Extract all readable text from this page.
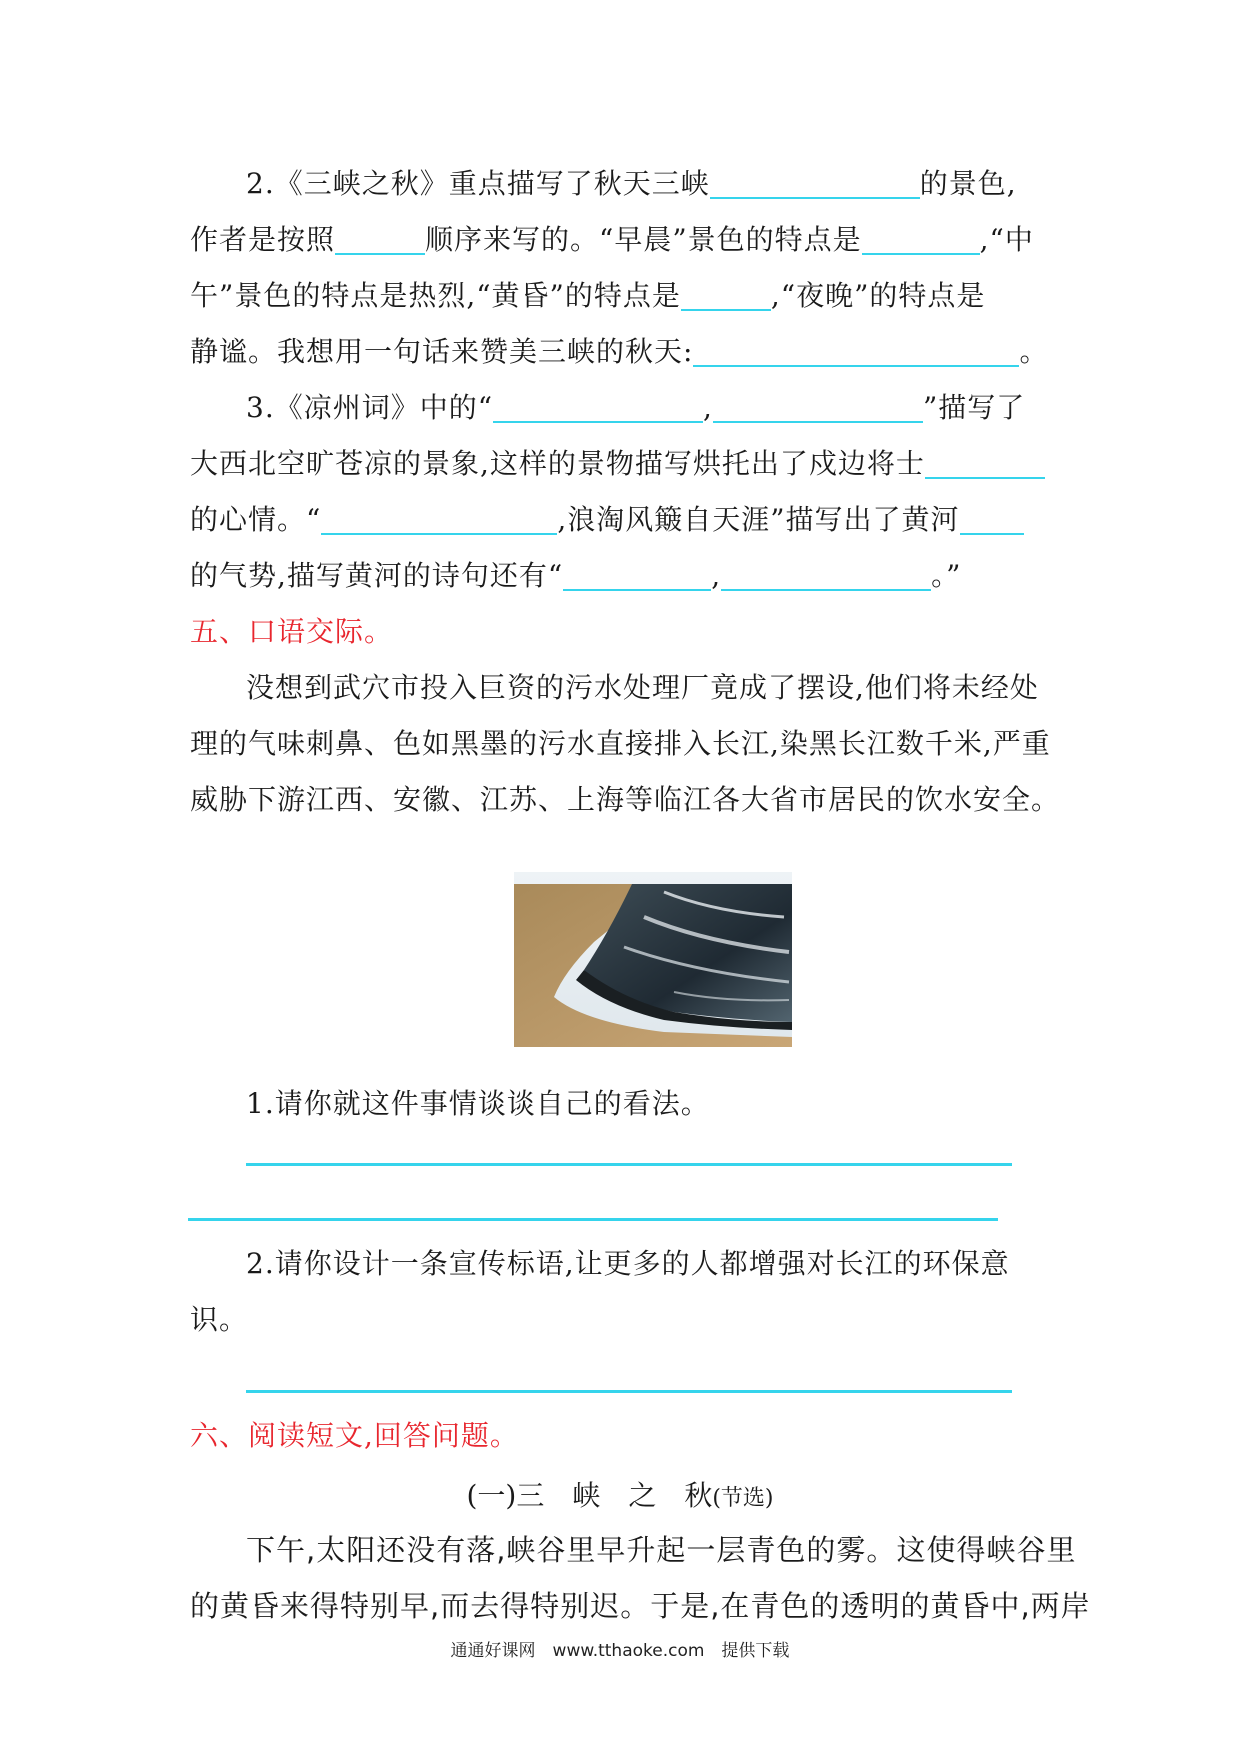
2.《三峡之秋》重点描写了秋天三峡	的景色,
作者是按照	顺序来写的。“早晨”景色的特点是	,“中
午”景色的特点是热烈,“黄昏”的特点是	,“夜晚”的特点是
静谧。我想用一句话来赞美三峡的秋天:	。
3.《凉州词》中的“	,	”描写了
大西北空旷苍凉的景象,这样的景物描写烘托出了戍边将士
的心情。“	,浪淘风簸自天涯”描写出了黄河
的气势,描写黄河的诗句还有“	,	。”
五、口语交际。
没想到武穴市投入巨资的污水处理厂竟成了摆设,他们将未经处
理的气味刺鼻、色如黑墨的污水直接排入长江,染黑长江数千米,严重
威胁下游江西、安徽、江苏、上海等临江各大省市居民的饮水安全。
1.请你就这件事情谈谈自己的看法。
2.请你设计一条宣传标语,让更多的人都增强对长江的环保意
识。
六、阅读短文,回答问题。
(一)三　峡　之　秋(节选)
下午,太阳还没有落,峡谷里早升起一层青色的雾。这使得峡谷里
的黄昏来得特别早,而去得特别迟。于是,在青色的透明的黄昏中,两岸
通通好课网　www.tthaoke.com　提供下载
